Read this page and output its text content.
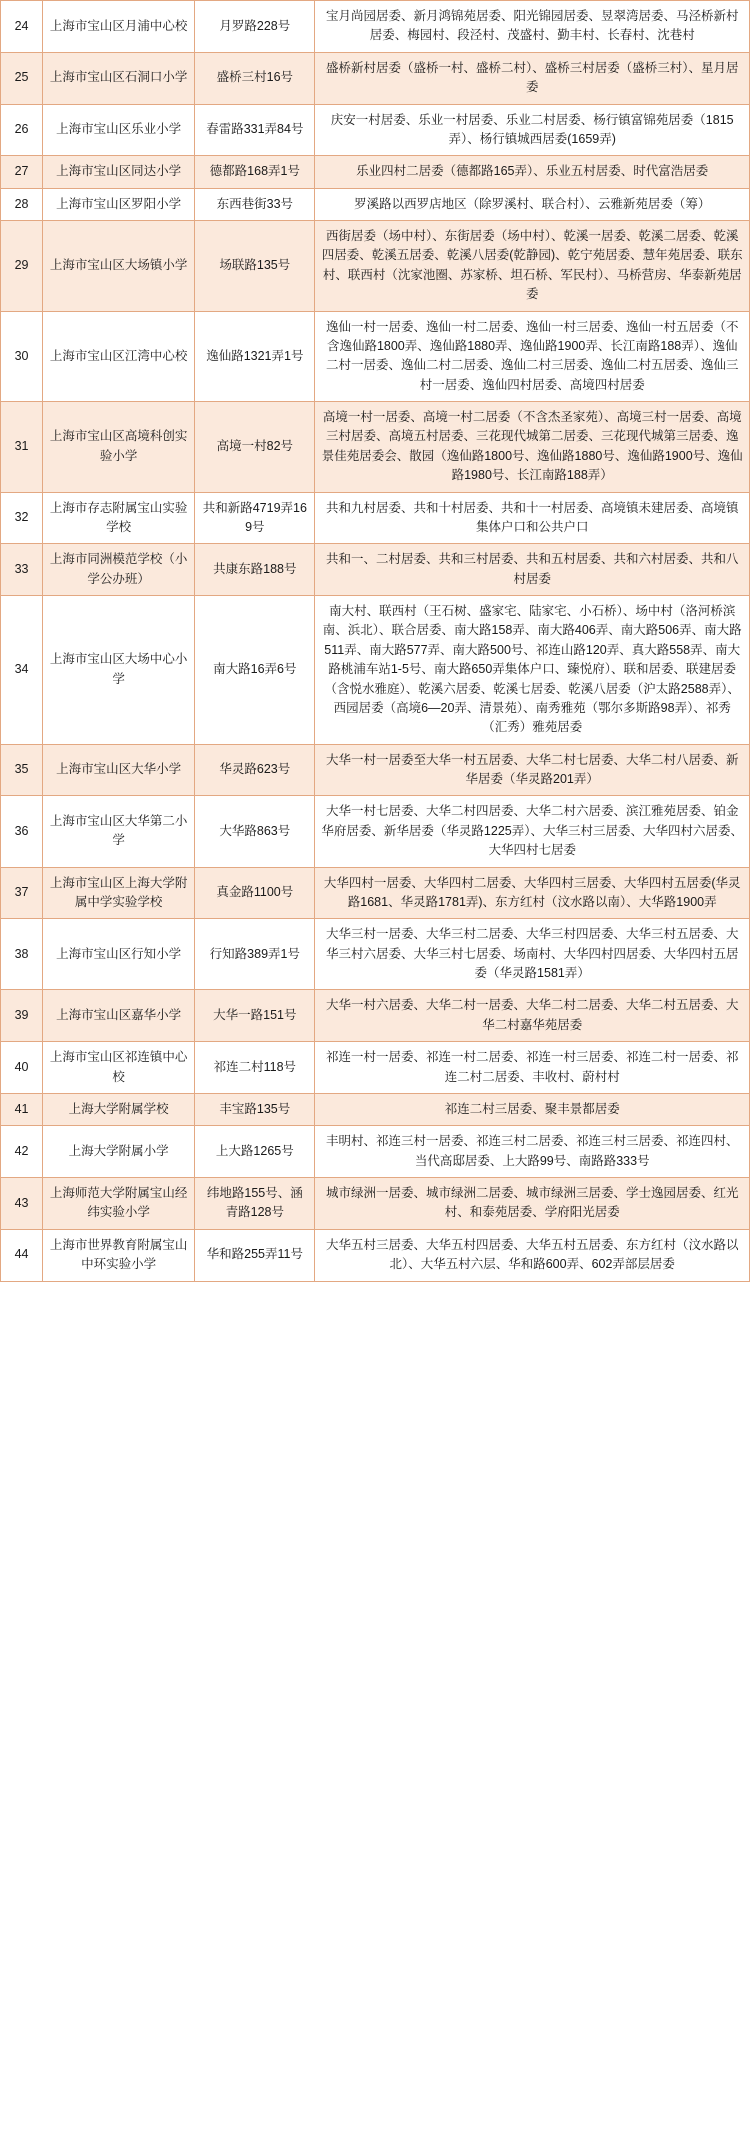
24	上海市宝山区月浦中心校	月罗路228号	宝月尚园居委、新月鸿锦苑居委、阳光锦园居委、昱翠湾居委、马泾桥新村居委、梅园村、段泾村、茂盛村、勤丰村、长春村、沈巷村
25	上海市宝山区石洞口小学	盛桥三村16号	盛桥新村居委（盛桥一村、盛桥二村）、盛桥三村居委（盛桥三村）、星月居委
26	上海市宝山区乐业小学	春雷路331弄84号	庆安一村居委、乐业一村居委、乐业二村居委、杨行镇富锦苑居委（1815弄）、杨行镇城西居委(1659弄)
27	上海市宝山区同达小学	德都路168弄1号	乐业四村二居委（德都路165弄）、乐业五村居委、时代富浩居委
28	上海市宝山区罗阳小学	东西巷街33号	罗溪路以西罗店地区（除罗溪村、联合村）、云雅新苑居委（筹）
29	上海市宝山区大场镇小学	场联路135号	西街居委（场中村）、东街居委（场中村）、乾溪一居委、乾溪二居委、乾溪四居委、乾溪五居委、乾溪八居委(乾静园)、乾宁苑居委、慧年苑居委、联东村、联西村（沈家池圈、苏家桥、坦石桥、军民村）、马桥营房、华泰新苑居委
30	上海市宝山区江湾中心校	逸仙路1321弄1号	逸仙一村一居委、逸仙一村二居委、逸仙一村三居委、逸仙一村五居委（不含逸仙路1800弄、逸仙路1880弄、逸仙路1900弄、长江南路188弄）、逸仙二村一居委、逸仙二村二居委、逸仙二村三居委、逸仙二村五居委、逸仙三村一居委、逸仙四村居委、高境四村居委
31	上海市宝山区高境科创实验小学	高境一村82号	高境一村一居委、高境一村二居委（不含杰圣家苑）、高境三村一居委、高境三村居委、高境五村居委、三花现代城第二居委、三花现代城第三居委、逸景佳苑居委会、散园（逸仙路1800号、逸仙路1880号、逸仙路1900号、逸仙路1980号、长江南路188弄）
32	上海市存志附属宝山实验学校	共和新路4719弄169号	共和九村居委、共和十村居委、共和十一村居委、高境镇未建居委、高境镇集体户口和公共户口
33	上海市同洲模范学校（小学公办班）	共康东路188号	共和一、二村居委、共和三村居委、共和五村居委、共和六村居委、共和八村居委
34	上海市宝山区大场中心小学	南大路16弄6号	南大村、联西村（王石树、盛家宅、陆家宅、小石桥）、场中村（洛河桥滨南、浜北）、联合居委、南大路158弄、南大路406弄、南大路506弄、南大路511弄、南大路577弄、南大路500号、祁连山路120弄、真大路558弄、南大路桃浦车站1-5号、南大路650弄集体户口、臻悦府）、联和居委、联建居委（含悦水雅庭）、乾溪六居委、乾溪七居委、乾溪八居委（沪太路2588弄）、西园居委（高境6—20弄、清景苑）、南秀雅苑（鄂尔多斯路98弄）、祁秀（汇秀）雅苑居委
35	上海市宝山区大华小学	华灵路623号	大华一村一居委至大华一村五居委、大华二村七居委、大华二村八居委、新华居委（华灵路201弄）
36	上海市宝山区大华第二小学	大华路863号	大华一村七居委、大华二村四居委、大华二村六居委、滨江雅苑居委、铂金华府居委、新华居委（华灵路1225弄）、大华三村三居委、大华四村六居委、大华四村七居委
37	上海市宝山区上海大学附属中学实验学校	真金路1100号	大华四村一居委、大华四村二居委、大华四村三居委、大华四村五居委(华灵路1681、华灵路1781弄)、东方红村（汶水路以南）、大华路1900弄
38	上海市宝山区行知小学	行知路389弄1号	大华三村一居委、大华三村二居委、大华三村四居委、大华三村五居委、大华三村六居委、大华三村七居委、场南村、大华四村四居委、大华四村五居委（华灵路1581弄）
39	上海市宝山区嘉华小学	大华一路151号	大华一村六居委、大华二村一居委、大华二村二居委、大华二村五居委、大华二村嘉华苑居委
40	上海市宝山区祁连镇中心校	祁连二村118号	祁连一村一居委、祁连一村二居委、祁连一村三居委、祁连二村一居委、祁连二村二居委、丰收村、蔚村村
41	上海大学附属学校	丰宝路135号	祁连二村三居委、聚丰景都居委
42	上海大学附属小学	上大路1265号	丰明村、祁连三村一居委、祁连三村二居委、祁连三村三居委、祁连四村、当代高邸居委、上大路99号、南路路333号
43	上海师范大学附属宝山经纬实验小学	纬地路155号、涵青路128号	城市绿洲一居委、城市绿洲二居委、城市绿洲三居委、学士逸园居委、红光村、和泰苑居委、学府阳光居委
44	上海市世界教育附属宝山中环实验小学	华和路255弄11号	大华五村三居委、大华五村四居委、大华五村五居委、东方红村（汶水路以北）、大华五村六层、华和路600弄、602弄部层居委
